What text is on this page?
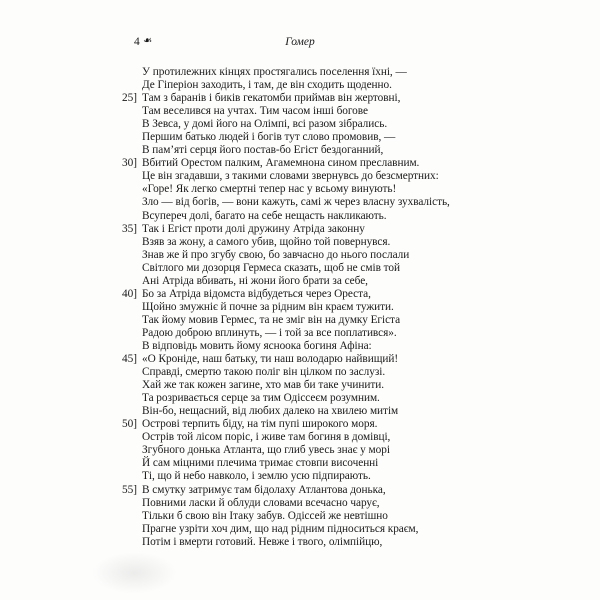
4 ❧	Гомер
У протилежних кінцях простягались поселення їхні, —
Де Гіперіон заходить, і там, де він сходить щоденно.
25] Там з баранів і биків гекатомби приймав він жертовні,
Там веселився на учтах. Тим часом інші богове
В Зевса, у домі його на Олімпі, всі разом зібрались.
Першим батько людей і богів тут слово промовив, —
В пам’яті серця його постав-бо Егіст бездоганний,
30] Вбитий Орестом палким, Агамемнона сином преславним.
Це він згадавши, з такими словами звернувсь до безсмертних:
«Горе! Як легко смертні тепер нас у всьому винують!
Зло — від богів, — вони кажуть, самі ж через власну зухвалість,
Всупереч долі, багато на себе нещасть накликають.
35] Так і Егіст проти долі дружину Атріда законну
Взяв за жону, а самого убив, щойно той повернувся.
Знав же й про згубу свою, бо завчасно до нього послали
Світлого ми дозорця Гермеса сказать, щоб не смів той
Ані Атріда вбивать, ні жони його брати за себе,
40] Бо за Атріда відомста відбудеться через Ореста,
Щойно змужніє й почне за рідним він краєм тужити.
Так йому мовив Гермес, та не зміг він на думку Егіста
Радою доброю вплинуть, — і той за все поплатився».
В відповідь мовить йому ясноока богиня Афіна:
45] «О Кроніде, наш батьку, ти наш володарю найвищий!
Справді, смертю такою поліг він цілком по заслузі.
Хай же так кожен загине, хто мав би таке учинити.
Та розривається серце за тим Одіссеєм розумним.
Він-бо, нещасний, від любих далеко на хвилею митім
50] Острові терпить біду, на тім пупі широкого моря.
Острів той лісом поріс, і живе там богиня в домівці,
Згубного донька Атланта, що глиб увесь знає у морі
Й сам міцними плечима тримає стовпи височенні
Ті, що й небо навколо, і землю усю підпирають.
55] В смутку затримує там бідолаху Атлантова донька,
Повними ласки й облуди словами всечасно чарує,
Тільки б свою він Ітаку забув. Одіссей же невтішно
Прагне узріти хоч дим, що над рідним підноситься краєм,
Потім і вмерти готовий. Невже і твого, олімпійцю,
